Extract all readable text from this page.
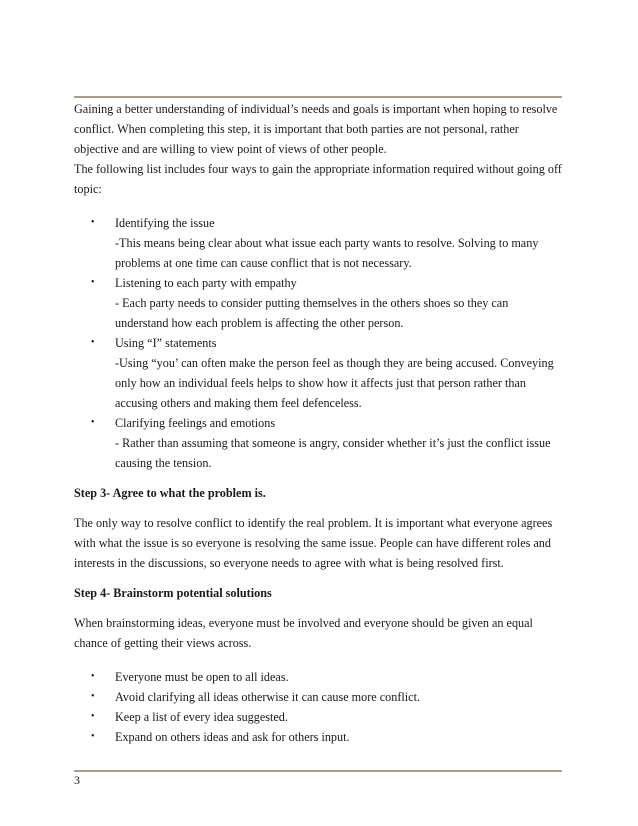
Gaining a better understanding of individual’s needs and goals is important when hoping to resolve conflict. When completing this step, it is important that both parties are not personal, rather objective and are willing to view point of views of other people.

The following list includes four ways to gain the appropriate information required without going off topic:

• Identifying the issue
-This means being clear about what issue each party wants to resolve. Solving to many problems at one time can cause conflict that is not necessary.
• Listening to each party with empathy
- Each party needs to consider putting themselves in the others shoes so they can understand how each problem is affecting the other person.
• Using “I” statements
-Using “you’ can often make the person feel as though they are being accused. Conveying only how an individual feels helps to show how it affects just that person rather than accusing others and making them feel defenceless.
• Clarifying feelings and emotions
- Rather than assuming that someone is angry, consider whether it’s just the conflict issue causing the tension.

Step 3- Agree to what the problem is.

The only way to resolve conflict to identify the real problem. It is important what everyone agrees with what the issue is so everyone is resolving the same issue. People can have different roles and interests in the discussions, so everyone needs to agree with what is being resolved first.

Step 4- Brainstorm potential solutions

When brainstorming ideas, everyone must be involved and everyone should be given an equal chance of getting their views across.

• Everyone must be open to all ideas.
• Avoid clarifying all ideas otherwise it can cause more conflict.
• Keep a list of every idea suggested.
• Expand on others ideas and ask for others input.
3
